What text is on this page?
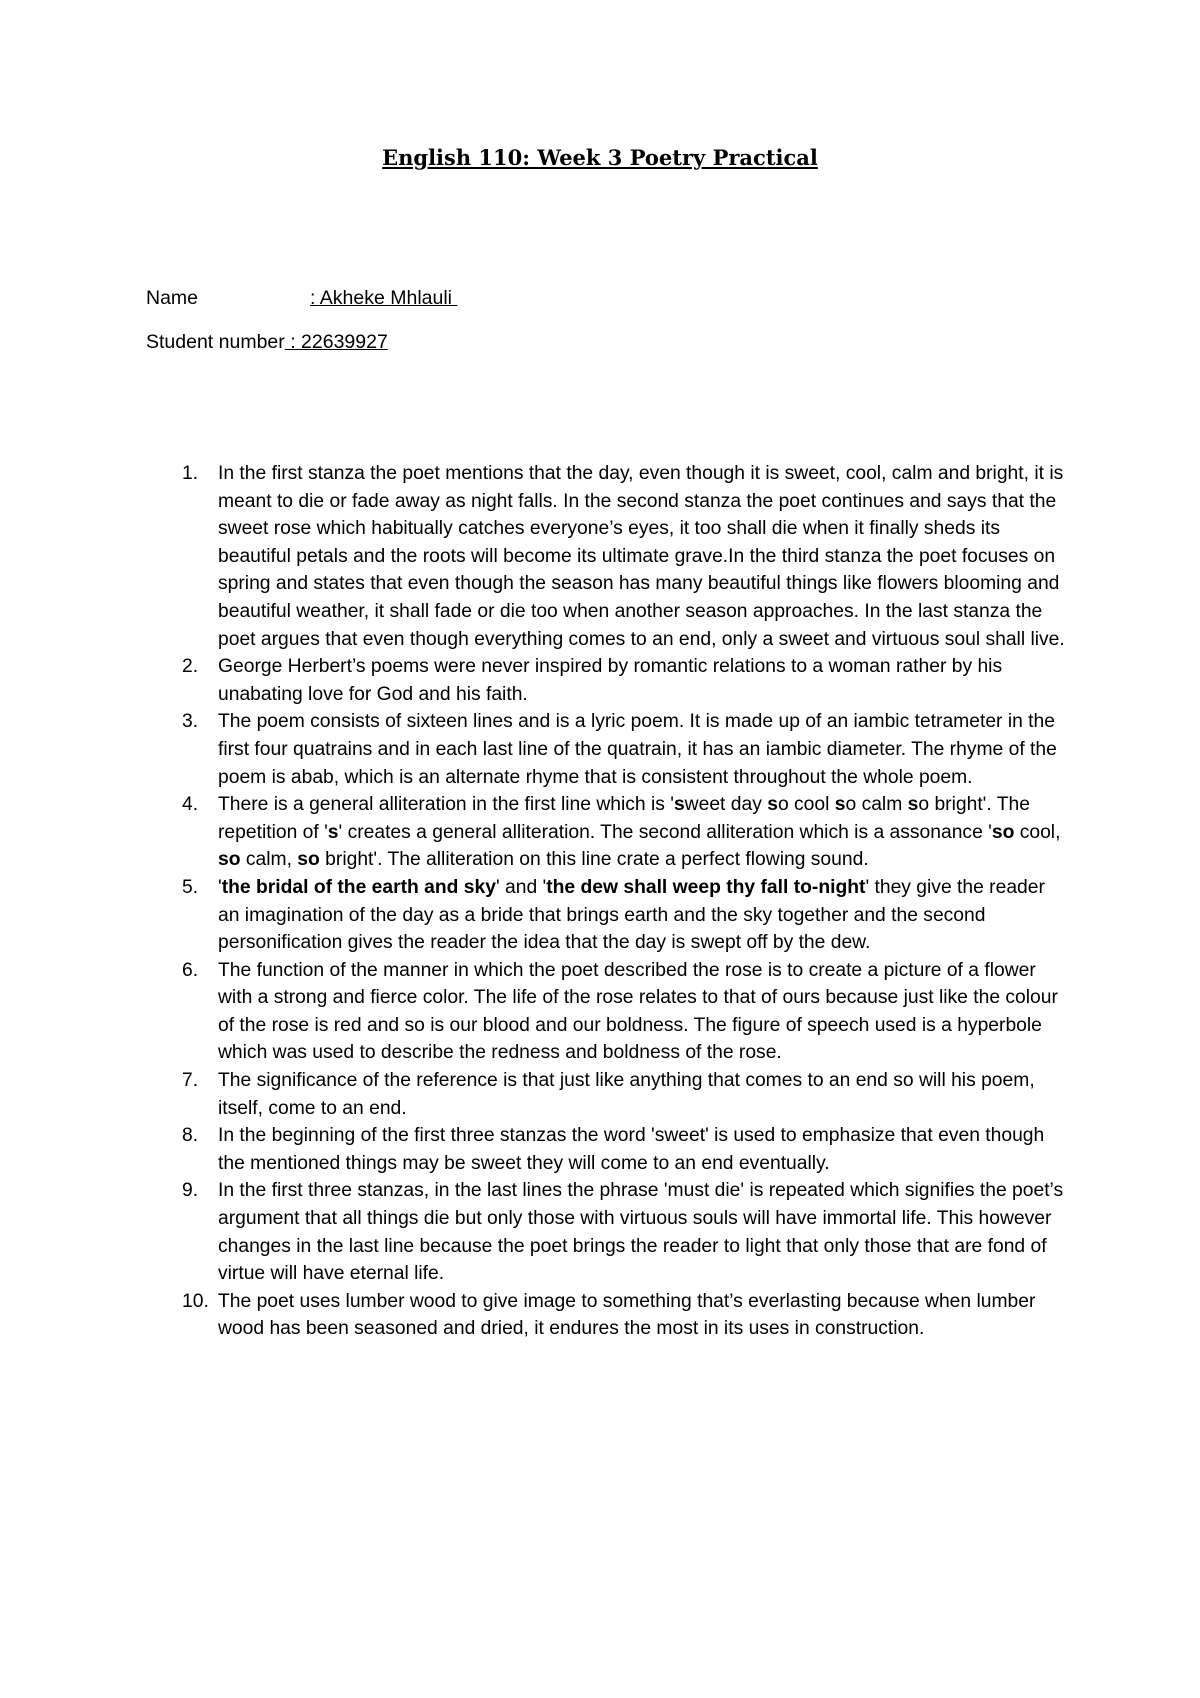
English 110: Week 3 Poetry Practical
Name	: Akheke Mhlauli
Student number : 22639927
1.	In the first stanza the poet mentions that the day, even though it is sweet, cool, calm and bright, it is meant to die or fade away as night falls. In the second stanza the poet continues and says that the sweet rose which habitually catches everyone’s eyes, it too shall die when it finally sheds its beautiful petals and the roots will become its ultimate grave.In the third stanza the poet focuses on spring and states that even though the season has many beautiful things like flowers blooming and beautiful weather, it shall fade or die too when another season approaches. In the last stanza the poet argues that even though everything comes to an end, only a sweet and virtuous soul shall live.
2.	George Herbert’s poems were never inspired by romantic relations to a woman rather by his unabating love for God and his faith.
3.	The poem consists of sixteen lines and is a lyric poem. It is made up of an iambic tetrameter in the first four quatrains and in each last line of the quatrain, it has an iambic diameter. The rhyme of the poem is abab, which is an alternate rhyme that is consistent throughout the whole poem.
4.	There is a general alliteration in the first line which is 'sweet day so cool so calm so bright'. The repetition of 's' creates a general alliteration. The second alliteration which is a assonance 'so cool, so calm, so bright'. The alliteration on this line crate a perfect flowing sound.
5.	'the bridal of the earth and sky' and 'the dew shall weep thy fall to-night' they give the reader an imagination of the day as a bride that brings earth and the sky together and the second personification gives the reader the idea that the day is swept off by the dew.
6.	The function of the manner in which the poet described the rose is to create a picture of a flower with a strong and fierce color. The life of the rose relates to that of ours because just like the colour of the rose is red and so is our blood and our boldness. The figure of speech used is a hyperbole which was used to describe the redness and boldness of the rose.
7.	The significance of the reference is that just like anything that comes to an end so will his poem, itself, come to an end.
8.	In the beginning of the first three stanzas the word 'sweet' is used to emphasize that even though the mentioned things may be sweet they will come to an end eventually.
9.	In the first three stanzas, in the last lines the phrase 'must die' is repeated which signifies the poet’s argument that all things die but only those with virtuous souls will have immortal life. This however changes in the last line because the poet brings the reader to light that only those that are fond of virtue will have eternal life.
10. The poet uses lumber wood to give image to something that’s everlasting because when lumber wood has been seasoned and dried, it endures the most in its uses in construction.
